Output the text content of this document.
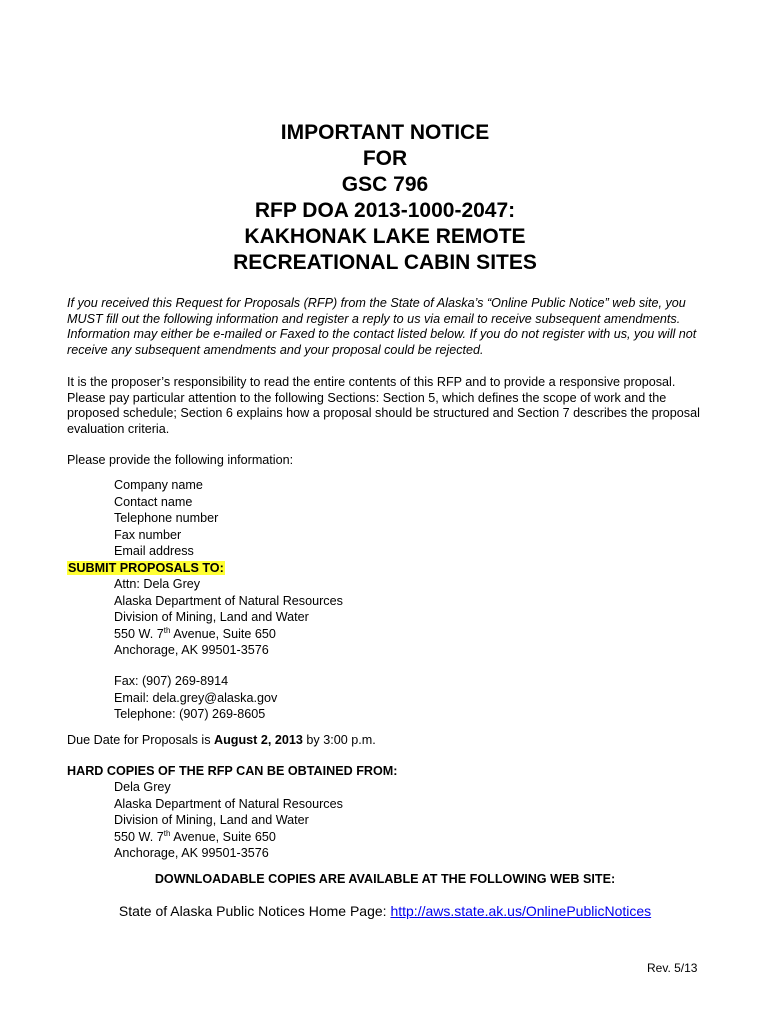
IMPORTANT NOTICE
FOR
GSC 796
RFP DOA 2013-1000-2047:
KAKHONAK LAKE REMOTE
RECREATIONAL CABIN SITES
If you received this Request for Proposals (RFP) from the State of Alaska’s “Online Public Notice” web site, you MUST fill out the following information and register a reply to us via email to receive subsequent amendments. Information may either be e-mailed or Faxed to the contact listed below. If you do not register with us, you will not receive any subsequent amendments and your proposal could be rejected.
It is the proposer’s responsibility to read the entire contents of this RFP and to provide a responsive proposal. Please pay particular attention to the following Sections: Section 5, which defines the scope of work and the proposed schedule; Section 6 explains how a proposal should be structured and Section 7 describes the proposal evaluation criteria.
Please provide the following information:
Company name
Contact name
Telephone number
Fax number
Email address
SUBMIT PROPOSALS TO:
Attn: Dela Grey
Alaska Department of Natural Resources
Division of Mining, Land and Water
550 W. 7th Avenue, Suite 650
Anchorage, AK 99501-3576
Fax: (907) 269-8914
Email: dela.grey@alaska.gov
Telephone: (907) 269-8605
Due Date for Proposals is August 2, 2013 by 3:00 p.m.
HARD COPIES OF THE RFP CAN BE OBTAINED FROM:
Dela Grey
Alaska Department of Natural Resources
Division of Mining, Land and Water
550 W. 7th Avenue, Suite 650
Anchorage, AK 99501-3576
DOWNLOADABLE COPIES ARE AVAILABLE AT THE FOLLOWING WEB SITE:
State of Alaska Public Notices Home Page: http://aws.state.ak.us/OnlinePublicNotices
Rev. 5/13
